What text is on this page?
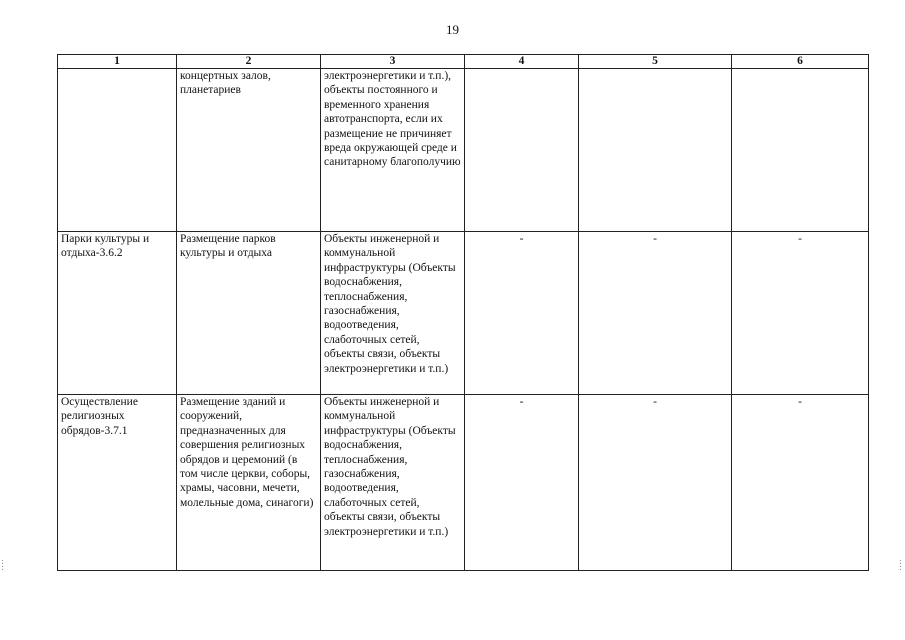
19
1	2	3	4	5	6
	концертных залов, планетариев	электроэнергетики и т.п.), объекты постоянного и временного хранения автотранспорта, если их размещение не причиняет вреда окружающей среде и санитарному благополучию			
Парки культуры и отдыха-3.6.2	Размещение парков культуры и отдыха	Объекты инженерной и коммунальной инфраструктуры (Объекты водоснабжения, теплоснабжения, газоснабжения, водоотведения, слаботочных сетей, объекты связи, объекты электроэнергетики и т.п.)	-	-	-
Осуществление религиозных обрядов-3.7.1	Размещение зданий и сооружений, предназначенных для совершения религиозных обрядов и церемоний (в том числе церкви, соборы, храмы, часовни, мечети, молельные дома, синагоги)	Объекты инженерной и коммунальной инфраструктуры (Объекты водоснабжения, теплоснабжения, газоснабжения, водоотведения, слаботочных сетей, объекты связи, объекты электроэнергетики и т.п.)	-	-	-
